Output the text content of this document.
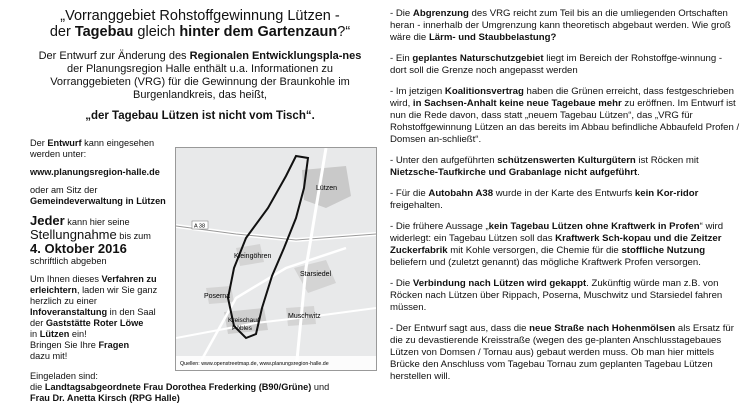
„Vorranggebiet Rohstoffgewinnung Lützen -
der Tagebau gleich hinter dem Gartenzaun?“
Der Entwurf zur Änderung des Regionalen Entwicklungspla-nes der Planungsregion Halle enthält u.a. Informationen zu Vorranggebieten (VRG) für die Gewinnung der Braunkohle im Burgenlandkreis, das heißt,
„der Tagebau Lützen ist nicht vom Tisch“.

Der Entwurf kann eingesehen werden unter:

www.planungsregion-halle.de

oder am Sitz der
Gemeindeverwaltung in Lützen

Jeder kann hier seine
Stellungnahme bis zum
4. Oktober 2016
schriftlich abgeben

Um Ihnen dieses Verfahren zu erleichtern, laden wir Sie ganz herzlich zu einer Infoveranstaltung in den Saal der Gaststätte Roter Löwe
in Lützen ein!
Bringen Sie Ihre Fragen
dazu mit!

Lützen
Starsiedel
Kleingöhren
Poserna
Kreischau/ Pöbles
Muschwitz
A 38
Quellen: www.openstreetmap.de, www.planungsregion-halle.de
Eingeladen sind:
die Landtagsabgeordnete Frau Dorothea Frederking (B90/Grüne) und
Frau Dr. Anetta Kirsch (RPG Halle)

- Die Abgrenzung des VRG reicht zum Teil bis an die umliegenden Ortschaften heran - innerhalb der Umgrenzung kann theoretisch abgebaut werden. Wie groß wäre die Lärm- und Staubbelastung?

- Ein geplantes Naturschutzgebiet liegt im Bereich der Rohstoffge-winnung - dort soll die Grenze noch angepasst werden

- Im jetzigen Koalitionsvertrag haben die Grünen erreicht, dass festgeschrieben wird, in Sachsen-Anhalt keine neue Tagebaue mehr zu eröffnen. Im Entwurf ist nun die Rede davon, dass statt „neuem Tagebau Lützen“, das „VRG für Rohstoffgewinnung Lützen an das bereits im Abbau befindliche Abbaufeld Profen / Domsen an-schließt“.

- Unter den aufgeführten schützenswerten Kulturgütern ist Röcken mit Nietzsche-Taufkirche und Grabanlage nicht aufgeführt.

- Für die Autobahn A38 wurde in der Karte des Entwurfs kein Kor-ridor freigehalten.

- Die frühere Aussage „kein Tagebau Lützen ohne Kraftwerk in Profen“ wird widerlegt: ein Tagebau Lützen soll das Kraftwerk Sch-kopau und die Zeitzer Zuckerfabrik mit Kohle versorgen, die Chemie für die stoffliche Nutzung beliefern und (zuletzt genannt) das mögliche Kraftwerk Profen versorgen.

- Die Verbindung nach Lützen wird gekappt. Zukünftig würde man z.B. von Röcken nach Lützen über Rippach, Poserna, Muschwitz und Starsiedel fahren müssen.

- Der Entwurf sagt aus, dass die neue Straße nach Hohenmölsen als Ersatz für die zu devastierende Kreisstraße (wegen des ge-planten Anschlusstagebaues Lützen von Domsen / Tornau aus) gebaut werden muss. Ob man hier mittels Brücke den Anschluss vom Tagebau Tornau zum geplanten Tagebau Lützen herstellen will.
